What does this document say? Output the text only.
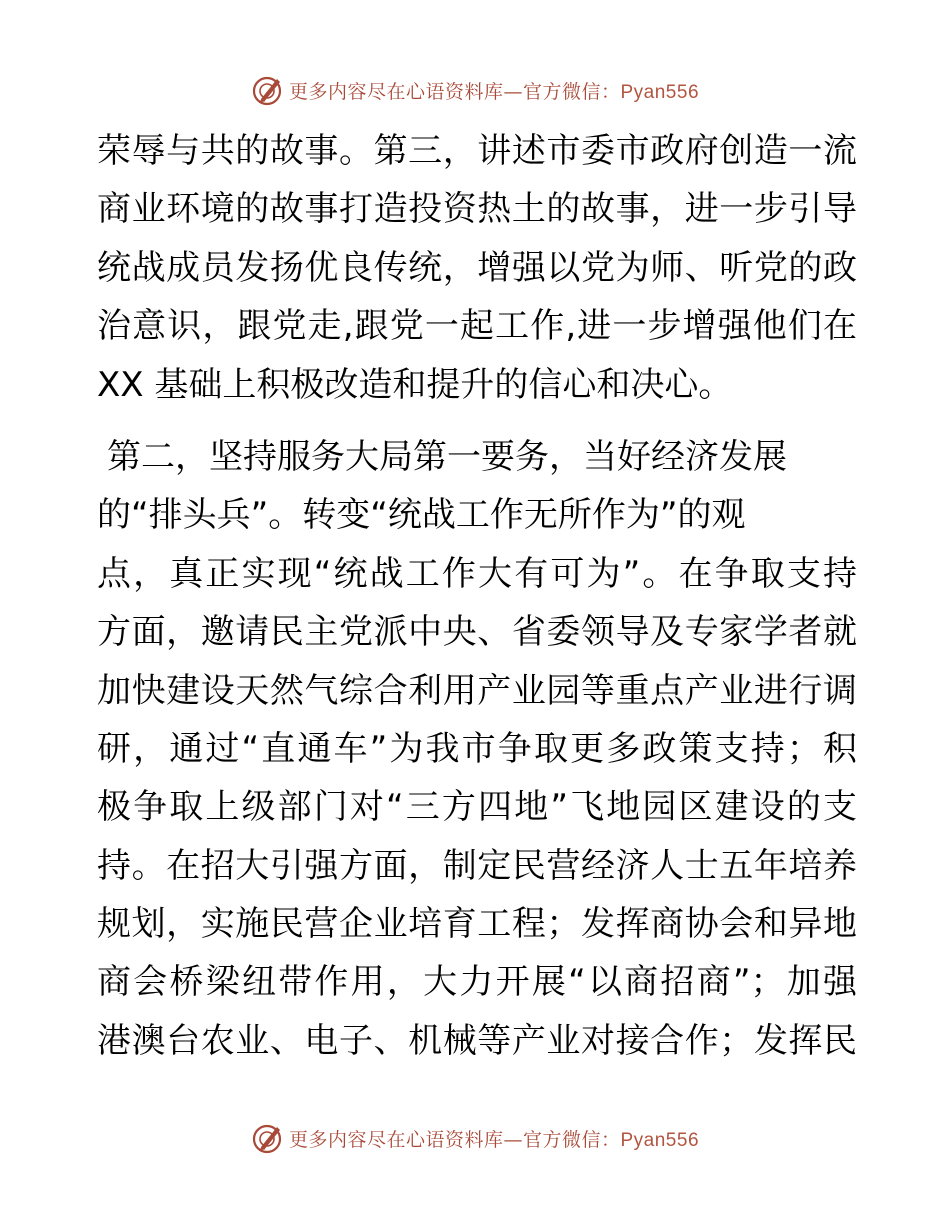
更多内容尽在心语资料库—官方微信：Pyan556
荣辱与共的故事。第三，讲述市委市政府创造一流
商业环境的故事打造投资热土的故事，进一步引导
统战成员发扬优良传统，增强以党为师、听党的政
治意识，跟党走,跟党一起工作,进一步增强他们在
XX 基础上积极改造和提升的信心和决心。
第二，坚持服务大局第一要务，当好经济发展
的“排头兵”。转变“统战工作无所作为”的观
点，真正实现“统战工作大有可为”。在争取支持
方面，邀请民主党派中央、省委领导及专家学者就
加快建设天然气综合利用产业园等重点产业进行调
研，通过“直通车”为我市争取更多政策支持；积
极争取上级部门对“三方四地”飞地园区建设的支
持。在招大引强方面，制定民营经济人士五年培养
规划，实施民营企业培育工程；发挥商协会和异地
商会桥梁纽带作用，大力开展“以商招商”；加强
港澳台农业、电子、机械等产业对接合作；发挥民
更多内容尽在心语资料库—官方微信：Pyan556
